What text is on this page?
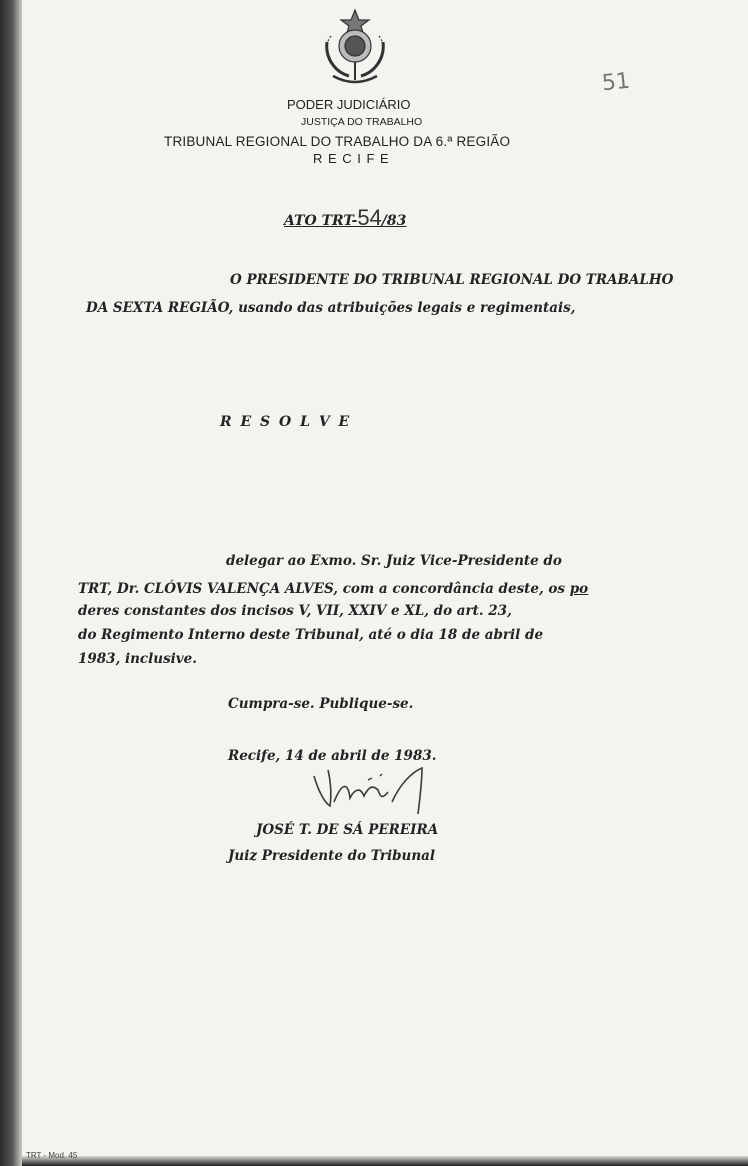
PODER JUDICIÁRIO

JUSTIÇA DO TRABALHO

TRIBUNAL REGIONAL DO TRABALHO DA 6.ª REGIÃO

R E C I F E

51

ATO TRT-54/83

O PRESIDENTE DO TRIBUNAL REGIONAL DO TRABALHO

DA SEXTA REGIÃO, usando das atribuições legais e regimentais,

R E S O L V E

delegar ao Exmo. Sr. Juiz Vice-Presidente do

TRT, Dr. CLÓVIS VALENÇA ALVES, com a concordância deste, os po

deres constantes dos incisos V, VII, XXIV e XL, do art. 23,

do Regimento Interno deste Tribunal, até o dia 18 de abril de

1983, inclusive.

Cumpra-se. Publique-se.

Recife, 14 de abril de 1983.

JOSÉ T. DE SÁ PEREIRA

Juiz Presidente do Tribunal

TRT - Mod. 45
